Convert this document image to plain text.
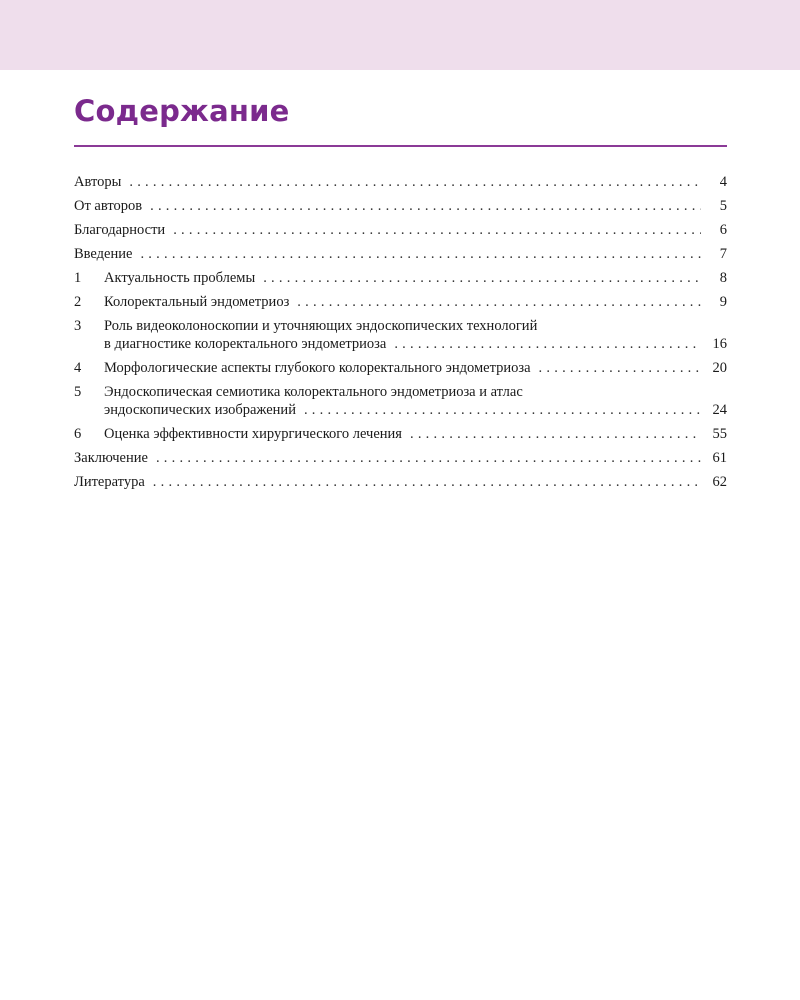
Содержание
Авторы . . .	4
От авторов . . .	5
Благодарности . . .	6
Введение . . .	7
1	Актуальность проблемы . . .	8
2	Колоректальный эндометриоз . . .	9
3	Роль видеоколоноскопии и уточняющих эндоскопических технологий
в диагностике колоректального эндометриоза . . .	16
4	Морфологические аспекты глубокого колоректального эндометриоза . . .	20
5	Эндоскопическая семиотика колоректального эндометриоза и атлас
эндоскопических изображений . . .	24
6	Оценка эффективности хирургического лечения . . .	55
Заключение . . .	61
Литература . . .	62
